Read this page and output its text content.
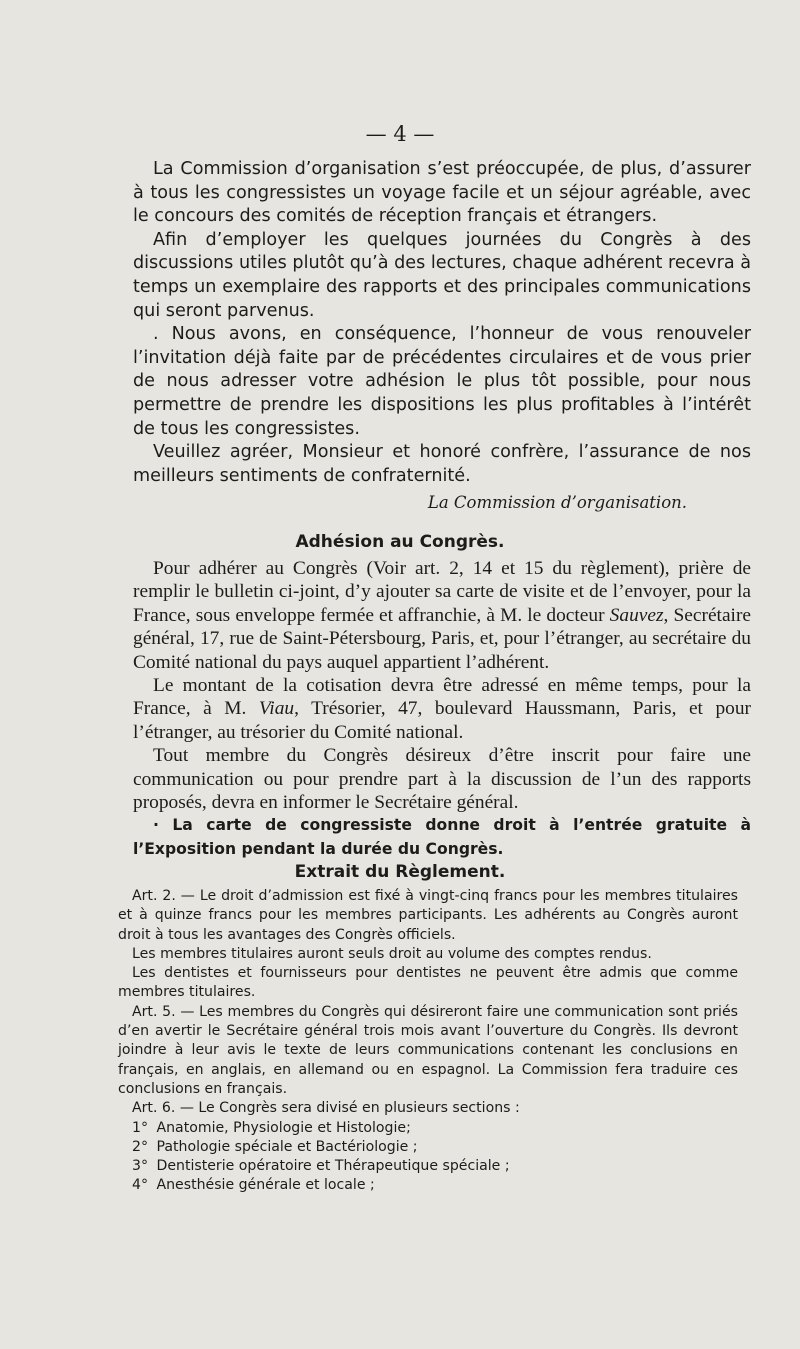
— 4 —

La Commission d’organisation s’est préoccupée, de plus, d’assurer à tous les congressistes un voyage facile et un séjour agréable, avec le concours des comités de réception français et étrangers.

Afin d’employer les quelques journées du Congrès à des discussions utiles plutôt qu’à des lectures, chaque adhérent recevra à temps un exemplaire des rapports et des principales communications qui seront parvenus.

. Nous avons, en conséquence, l’honneur de vous renouveler l’invitation déjà faite par de précédentes circulaires et de vous prier de nous adresser votre adhésion le plus tôt possible, pour nous permettre de prendre les dispositions les plus profitables à l’intérêt de tous les congressistes.

Veuillez agréer, Monsieur et honoré confrère, l’assurance de nos meilleurs sentiments de confraternité.

La Commission d’organisation.

Adhésion au Congrès.

Pour adhérer au Congrès (Voir art. 2, 14 et 15 du règlement), prière de remplir le bulletin ci-joint, d’y ajouter sa carte de visite et de l’envoyer, pour la France, sous enveloppe fermée et affranchie, à M. le docteur Sauvez, Secrétaire général, 17, rue de Saint-Pétersbourg, Paris, et, pour l’étranger, au secrétaire du Comité national du pays auquel appartient l’adhérent.

Le montant de la cotisation devra être adressé en même temps, pour la France, à M. Viau, Trésorier, 47, boulevard Haussmann, Paris, et pour l’étranger, au trésorier du Comité national.

Tout membre du Congrès désireux d’être inscrit pour faire une communication ou pour prendre part à la discussion de l’un des rapports proposés, devra en informer le Secrétaire général.

· La carte de congressiste donne droit à l’entrée gratuite à l’Exposition pendant la durée du Congrès.

Extrait du Règlement.

Art. 2. — Le droit d’admission est fixé à vingt-cinq francs pour les membres titulaires et à quinze francs pour les membres participants. Les adhérents au Congrès auront droit à tous les avantages des Congrès officiels.

Les membres titulaires auront seuls droit au volume des comptes rendus.

Les dentistes et fournisseurs pour dentistes ne peuvent être admis que comme membres titulaires.

Art. 5. — Les membres du Congrès qui désireront faire une communication sont priés d’en avertir le Secrétaire général trois mois avant l’ouverture du Congrès. Ils devront joindre à leur avis le texte de leurs communications contenant les conclusions en français, en anglais, en allemand ou en espagnol. La Commission fera traduire ces conclusions en français.

Art. 6. — Le Congrès sera divisé en plusieurs sections :

1° Anatomie, Physiologie et Histologie;

2° Pathologie spéciale et Bactériologie ;

3° Dentisterie opératoire et Thérapeutique spéciale ;

4° Anesthésie générale et locale ;
